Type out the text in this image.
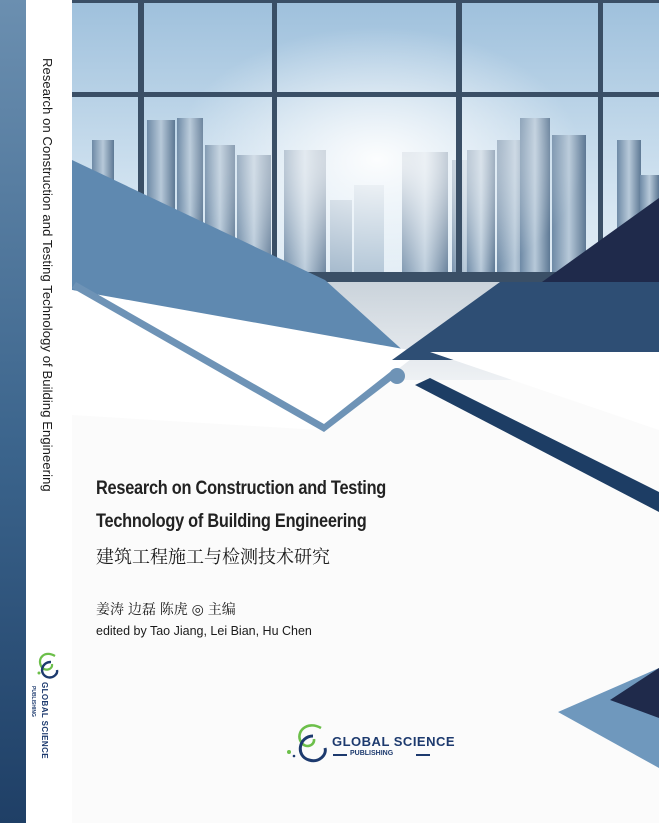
Research on Construction and Testing Technology of Building Engineering
GLOBAL SCIENCE
PUBLISHING
Research on Construction and Testing
Technology of Building Engineering
建筑工程施工与检测技术研究
姜涛 边磊 陈虎 ◎ 主编
edited by Tao Jiang, Lei Bian, Hu Chen
GLOBAL SCIENCE
PUBLISHING
